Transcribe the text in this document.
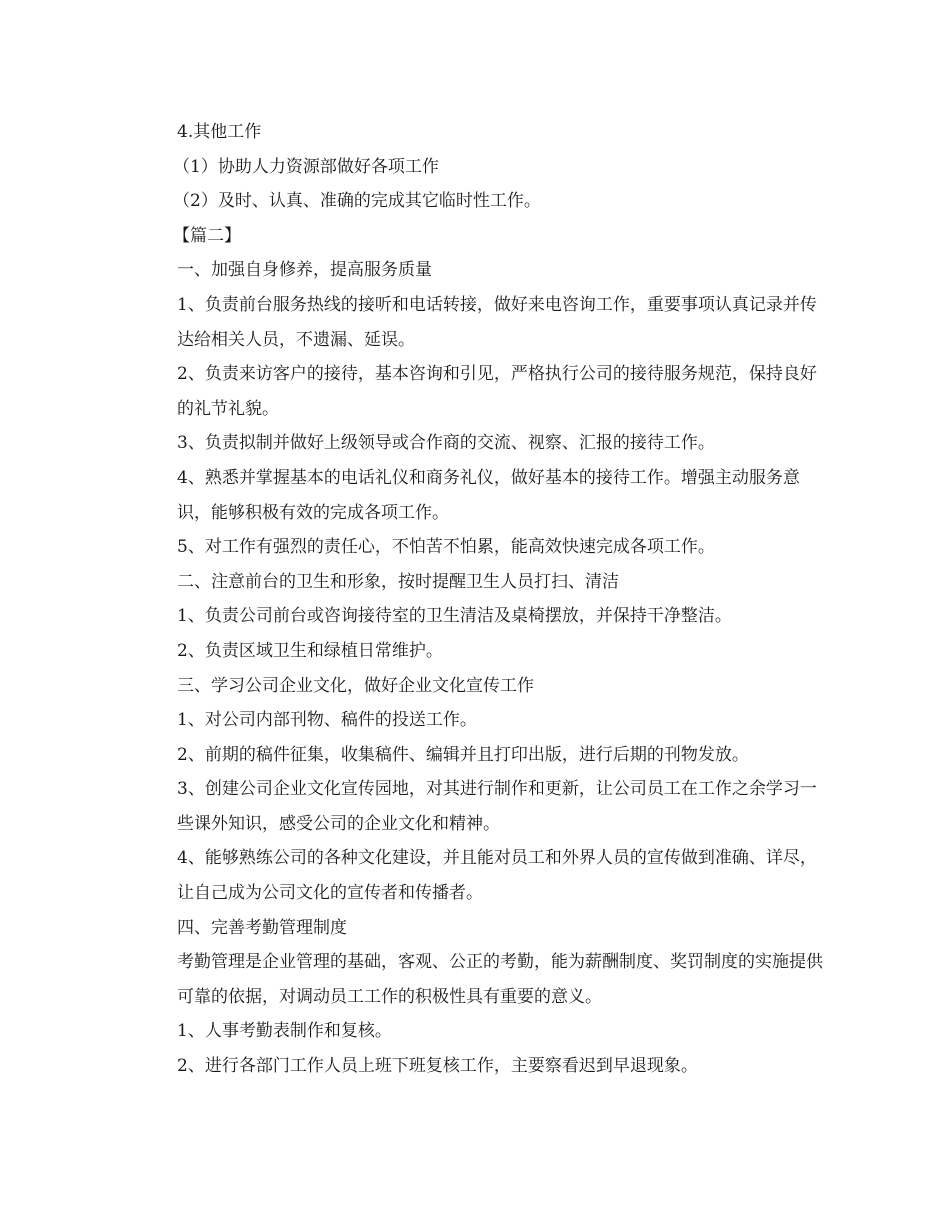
4.其他工作

（1）协助人力资源部做好各项工作

（2）及时、认真、准确的完成其它临时性工作。

【篇二】

一、加强自身修养，提高服务质量

1、负责前台服务热线的接听和电话转接，做好来电咨询工作，重要事项认真记录并传达给相关人员，不遗漏、延误。

2、负责来访客户的接待，基本咨询和引见，严格执行公司的接待服务规范，保持良好的礼节礼貌。

3、负责拟制并做好上级领导或合作商的交流、视察、汇报的接待工作。

4、熟悉并掌握基本的电话礼仪和商务礼仪，做好基本的接待工作。增强主动服务意识，能够积极有效的完成各项工作。

5、对工作有强烈的责任心，不怕苦不怕累，能高效快速完成各项工作。

二、注意前台的卫生和形象，按时提醒卫生人员打扫、清洁

1、负责公司前台或咨询接待室的卫生清洁及桌椅摆放，并保持干净整洁。

2、负责区域卫生和绿植日常维护。

三、学习公司企业文化，做好企业文化宣传工作

1、对公司内部刊物、稿件的投送工作。

2、前期的稿件征集，收集稿件、编辑并且打印出版，进行后期的刊物发放。

3、创建公司企业文化宣传园地，对其进行制作和更新，让公司员工在工作之余学习一些课外知识，感受公司的企业文化和精神。

4、能够熟练公司的各种文化建设，并且能对员工和外界人员的宣传做到准确、详尽，让自己成为公司文化的宣传者和传播者。

四、完善考勤管理制度

考勤管理是企业管理的基础，客观、公正的考勤，能为薪酬制度、奖罚制度的实施提供可靠的依据，对调动员工工作的积极性具有重要的意义。

1、人事考勤表制作和复核。

2、进行各部门工作人员上班下班复核工作，主要察看迟到早退现象。
